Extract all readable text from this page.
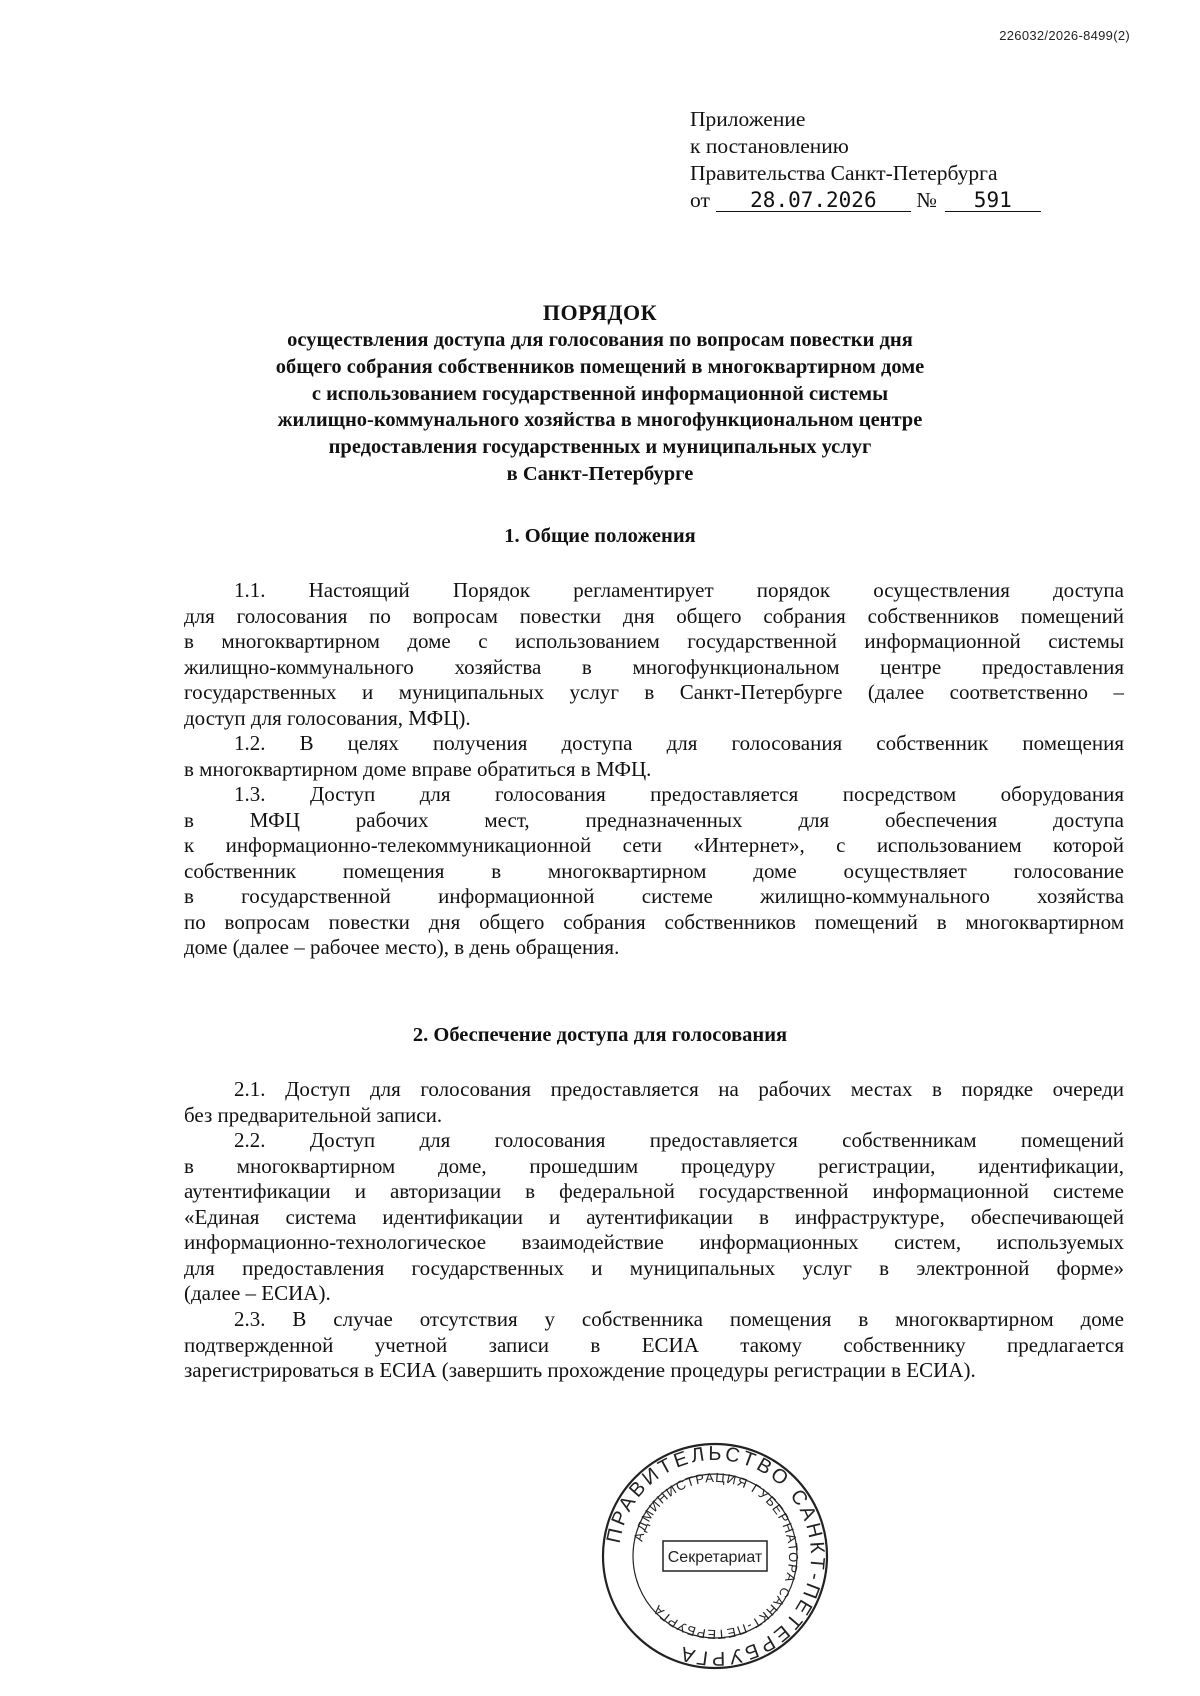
226032/2026-8499(2)
Приложение
к постановлению
Правительства Санкт-Петербурга
от 28.07.2026 № 591
ПОРЯДОК
осуществления доступа для голосования по вопросам повестки дня
общего собрания собственников помещений в многоквартирном доме
с использованием государственной информационной системы
жилищно-коммунального хозяйства в многофункциональном центре
предоставления государственных и муниципальных услуг
в Санкт-Петербурге
1. Общие положения
1.1. Настоящий Порядок регламентирует порядок осуществления доступа
для голосования по вопросам повестки дня общего собрания собственников помещений
в многоквартирном доме с использованием государственной информационной системы
жилищно-коммунального хозяйства в многофункциональном центре предоставления
государственных и муниципальных услуг в Санкт-Петербурге (далее соответственно –
доступ для голосования, МФЦ).
1.2. В целях получения доступа для голосования собственник помещения
в многоквартирном доме вправе обратиться в МФЦ.
1.3. Доступ для голосования предоставляется посредством оборудования
в МФЦ рабочих мест, предназначенных для обеспечения доступа
к информационно-телекоммуникационной сети «Интернет», с использованием которой
собственник помещения в многоквартирном доме осуществляет голосование
в государственной информационной системе жилищно-коммунального хозяйства
по вопросам повестки дня общего собрания собственников помещений в многоквартирном
доме (далее – рабочее место), в день обращения.
2. Обеспечение доступа для голосования
2.1. Доступ для голосования предоставляется на рабочих местах в порядке очереди
без предварительной записи.
2.2. Доступ для голосования предоставляется собственникам помещений
в многоквартирном доме, прошедшим процедуру регистрации, идентификации,
аутентификации и авторизации в федеральной государственной информационной системе
«Единая система идентификации и аутентификации в инфраструктуре, обеспечивающей
информационно-технологическое взаимодействие информационных систем, используемых
для предоставления государственных и муниципальных услуг в электронной форме»
(далее – ЕСИА).
2.3. В случае отсутствия у собственника помещения в многоквартирном доме
подтвержденной учетной записи в ЕСИА такому собственнику предлагается
зарегистрироваться в ЕСИА (завершить прохождение процедуры регистрации в ЕСИА).
ПРАВИТЕЛЬСТВО САНКТ-ПЕТЕРБУРГА
АДМИНИСТРАЦИЯ ГУБЕРНАТОРА САНКТ-ПЕТЕРБУРГА
Секретариат
